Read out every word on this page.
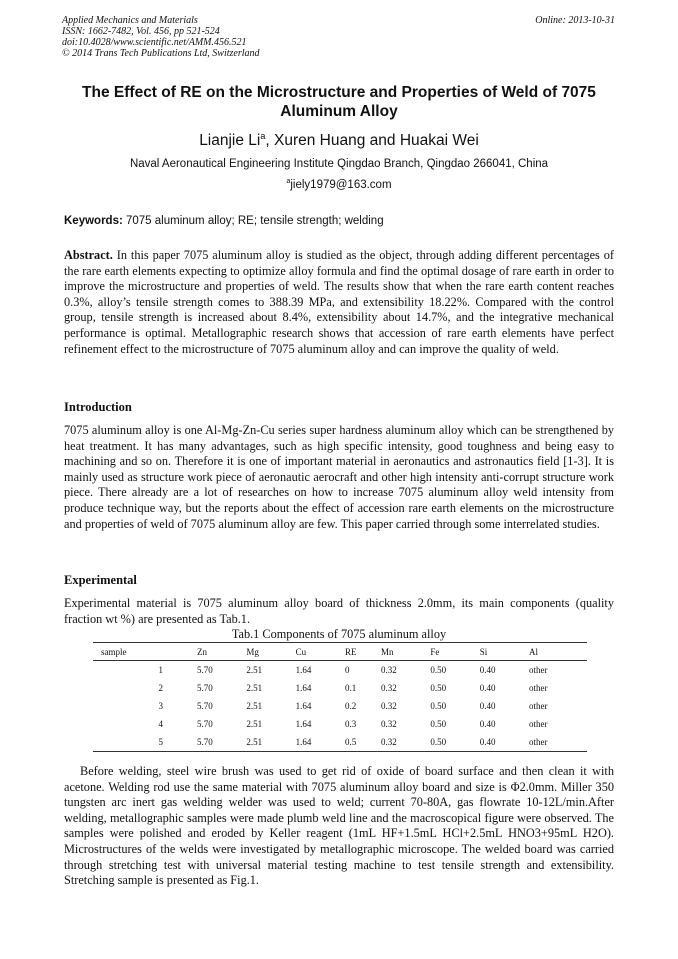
Applied Mechanics and Materials
ISSN: 1662-7482, Vol. 456, pp 521-524
doi:10.4028/www.scientific.net/AMM.456.521
© 2014 Trans Tech Publications Ltd, Switzerland
Online: 2013-10-31
The Effect of RE on the Microstructure and Properties of Weld of 7075 Aluminum Alloy
Lianjie Li$^a$, Xuren Huang and Huakai Wei
Naval Aeronautical Engineering Institute Qingdao Branch, Qingdao 266041, China
$^a$jiely1979@163.com
Keywords: 7075 aluminum alloy; RE; tensile strength; welding

Abstract. In this paper 7075 aluminum alloy is studied as the object, through adding different percentages of the rare earth elements expecting to optimize alloy formula and find the optimal dosage of rare earth in order to improve the microstructure and properties of weld. The results show that when the rare earth content reaches 0.3%, alloy’s tensile strength comes to 388.39 MPa, and extensibility 18.22%. Compared with the control group, tensile strength is increased about 8.4%, extensibility about 14.7%, and the integrative mechanical performance is optimal. Metallographic research shows that accession of rare earth elements have perfect refinement effect to the microstructure of 7075 aluminum alloy and can improve the quality of weld.

Introduction

7075 aluminum alloy is one Al-Mg-Zn-Cu series super hardness aluminum alloy which can be strengthened by heat treatment. It has many advantages, such as high specific intensity, good toughness and being easy to machining and so on. Therefore it is one of important material in aeronautics and astronautics field [1-3]. It is mainly used as structure work piece of aeronautic aerocraft and other high intensity anti-corrupt structure work piece. There already are a lot of researches on how to increase 7075 aluminum alloy weld intensity from produce technique way, but the reports about the effect of accession rare earth elements on the microstructure and properties of weld of 7075 aluminum alloy are few. This paper carried through some interrelated studies.

Experimental

Experimental material is 7075 aluminum alloy board of thickness 2.0mm, its main components (quality fraction wt %) are presented as Tab.1.

Tab.1 Components of 7075 aluminum alloy
sample	Zn	Mg	Cu	RE	Mn	Fe	Si	Al
1	5.70	2.51	1.64	0	0.32	0.50	0.40	other
2	5.70	2.51	1.64	0.1	0.32	0.50	0.40	other
3	5.70	2.51	1.64	0.2	0.32	0.50	0.40	other
4	5.70	2.51	1.64	0.3	0.32	0.50	0.40	other
5	5.70	2.51	1.64	0.5	0.32	0.50	0.40	other

Before welding, steel wire brush was used to get rid of oxide of board surface and then clean it with acetone. Welding rod use the same material with 7075 aluminum alloy board and size is Φ2.0mm. Miller 350 tungsten arc inert gas welding welder was used to weld; current 70-80A, gas flowrate 10-12L/min.After welding, metallographic samples were made plumb weld line and the macroscopical figure were observed. The samples were polished and eroded by Keller reagent (1mL HF+1.5mL HCl+2.5mL HNO3+95mL H2O). Microstructures of the welds were investigated by metallographic microscope. The welded board was carried through stretching test with universal material testing machine to test tensile strength and extensibility. Stretching sample is presented as Fig.1.
